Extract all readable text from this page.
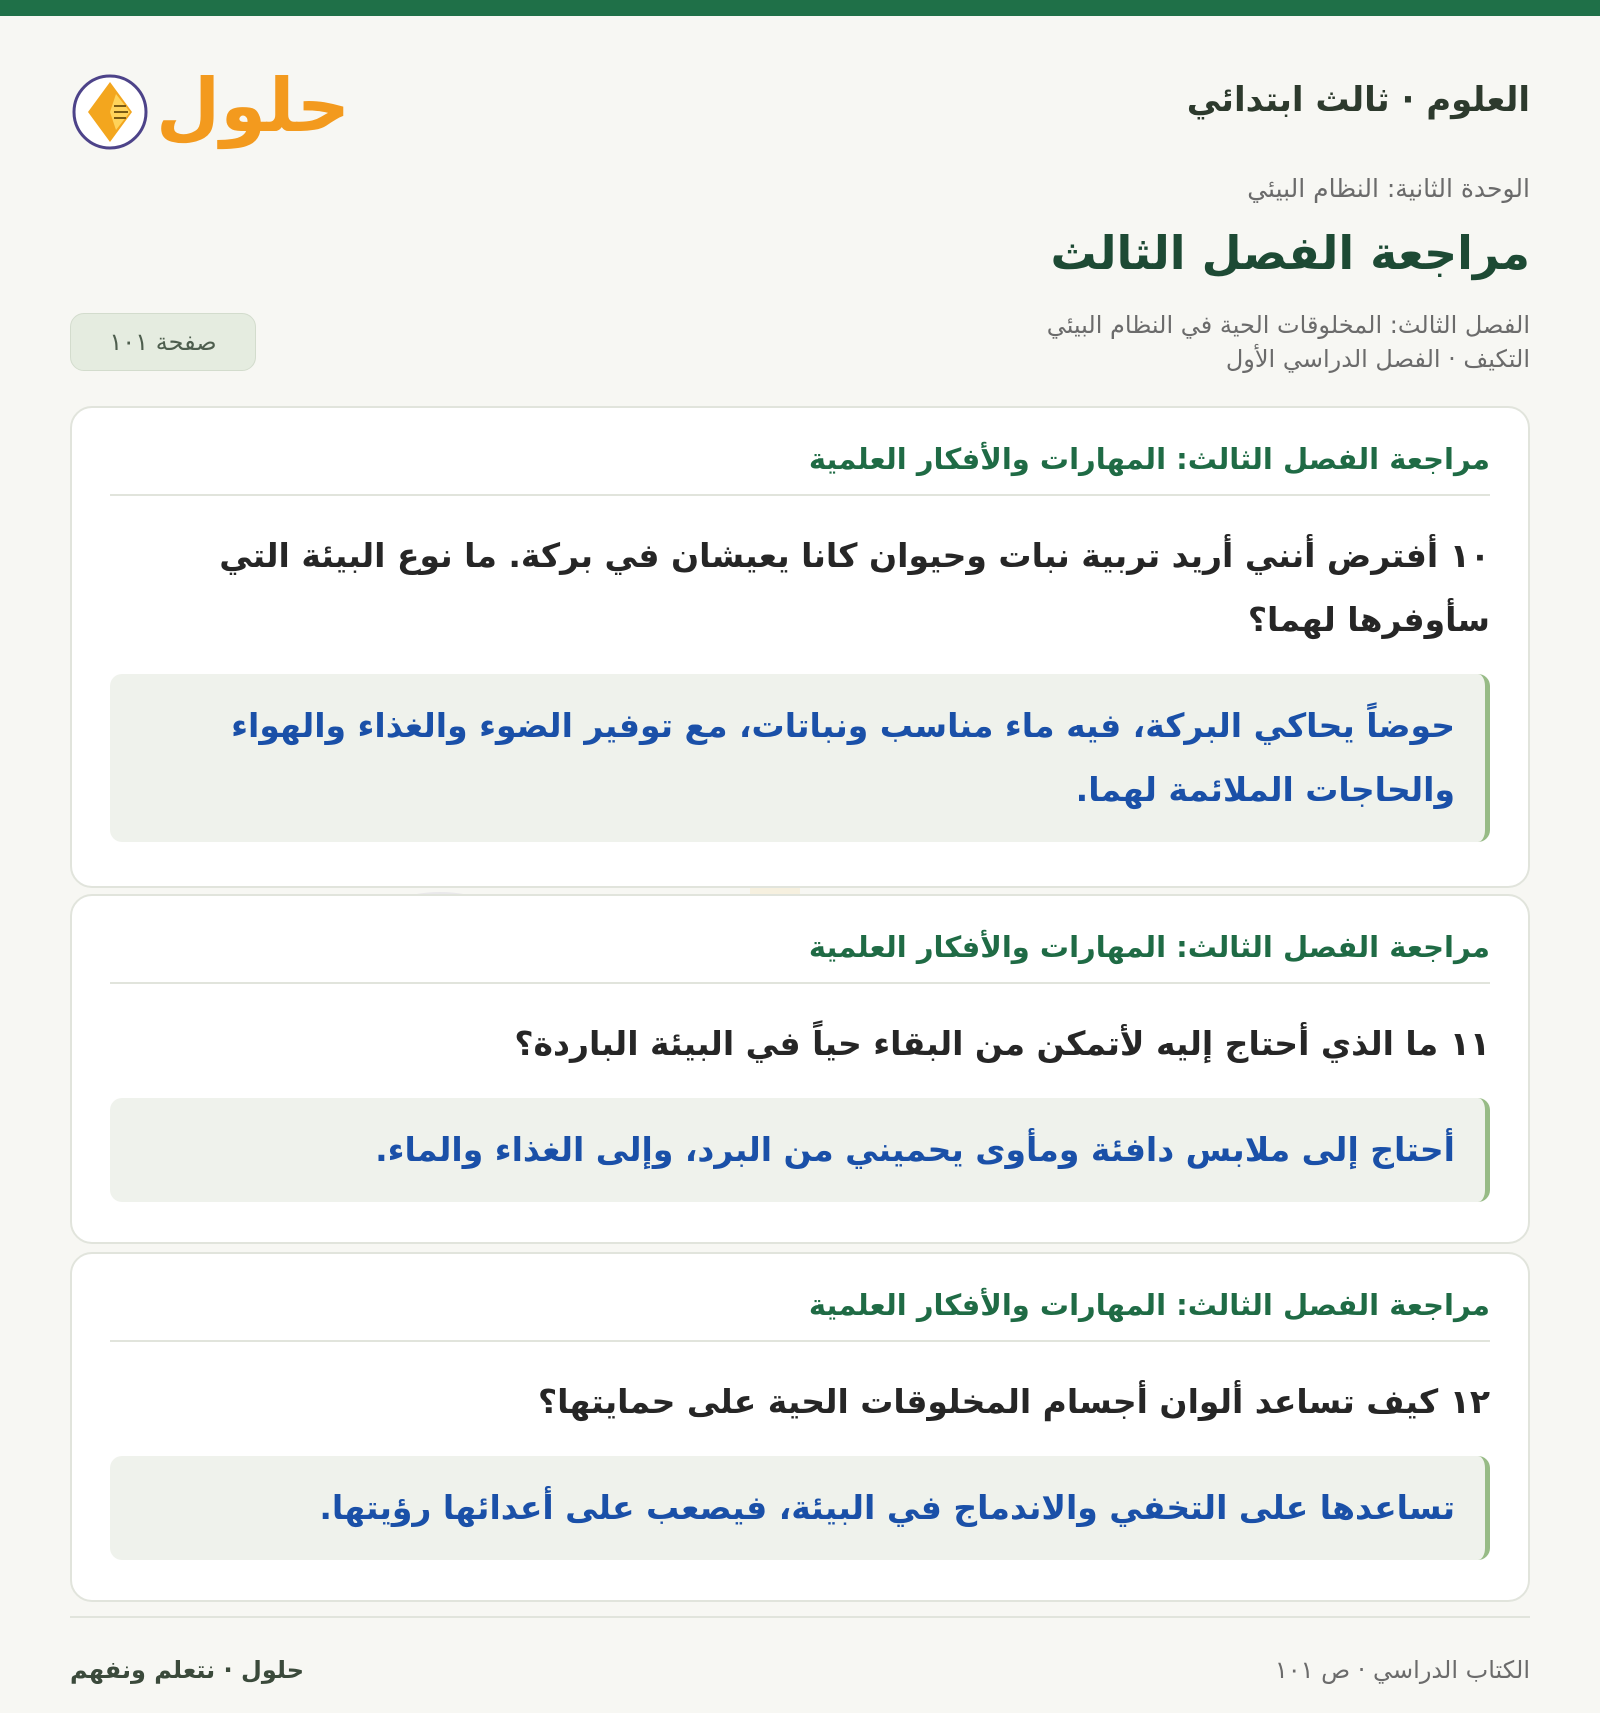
العلوم · ثالث ابتدائي
حلول
الوحدة الثانية: النظام البيئي
مراجعة الفصل الثالث
الفصل الثالث: المخلوقات الحية في النظام البيئي
التكيف · الفصل الدراسي الأول
صفحة ١٠١
مراجعة الفصل الثالث: المهارات والأفكار العلمية

١٠ أفترض أنني أريد تربية نبات وحيوان كانا يعيشان في بركة. ما نوع البيئة التي سأوفرها لهما؟

حوضاً يحاكي البركة، فيه ماء مناسب ونباتات، مع توفير الضوء والغذاء والهواء والحاجات الملائمة لهما.
مراجعة الفصل الثالث: المهارات والأفكار العلمية

١١ ما الذي أحتاج إليه لأتمكن من البقاء حياً في البيئة الباردة؟

أحتاج إلى ملابس دافئة ومأوى يحميني من البرد، وإلى الغذاء والماء.
مراجعة الفصل الثالث: المهارات والأفكار العلمية

١٢ كيف تساعد ألوان أجسام المخلوقات الحية على حمايتها؟

تساعدها على التخفي والاندماج في البيئة، فيصعب على أعدائها رؤيتها.
الكتاب الدراسي · ص ١٠١
حلول · نتعلم ونفهم
